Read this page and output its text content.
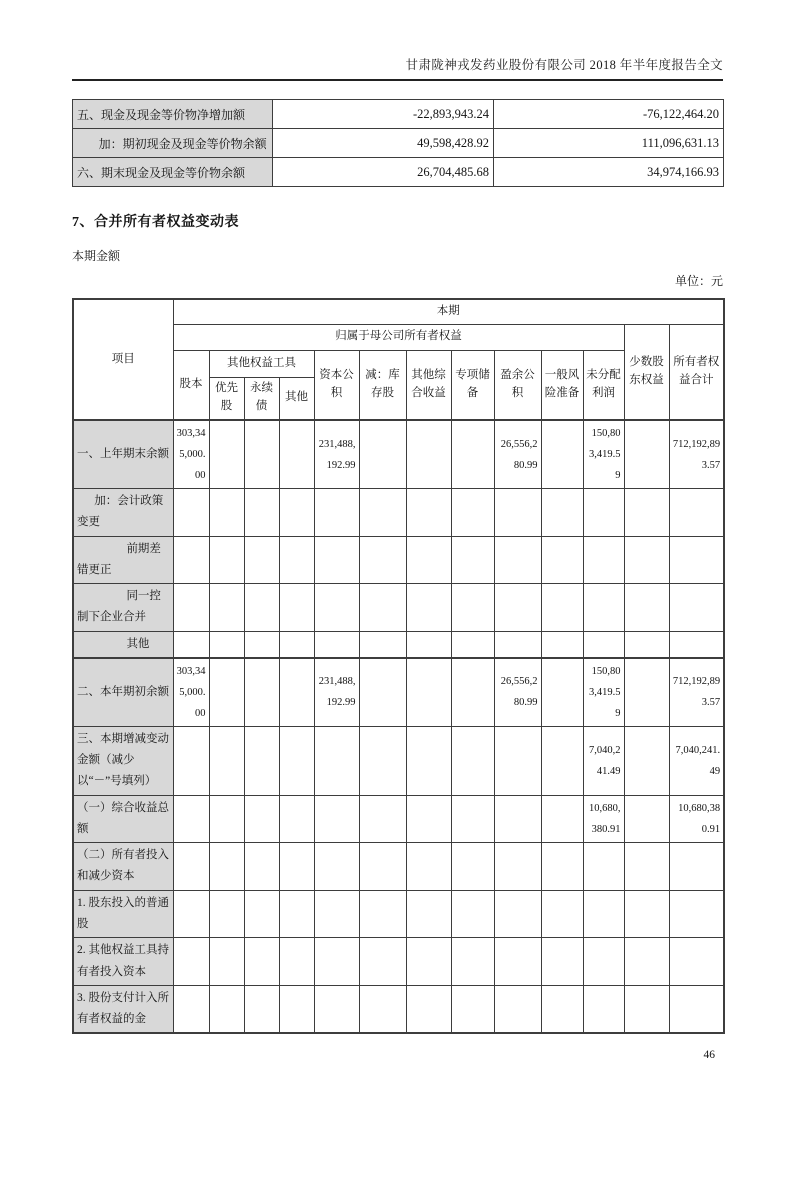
甘肃陇神戎发药业股份有限公司 2018 年半年度报告全文
五、现金及现金等价物净增加额	-22,893,943.24	-76,122,464.20
加：期初现金及现金等价物余额	49,598,428.92	111,096,631.13
六、期末现金及现金等价物余额	26,704,485.68	34,974,166.93
7、合并所有者权益变动表
本期金额
单位：元
项目	本期												
	归属于母公司所有者权益											少数股东权益	所有者权益合计
	股本	其他权益工具			资本公积	减：库存股	其他综合收益	专项储备	盈余公积	一般风险准备	未分配利润		
		优先股	永续债	其他									
一、上年期末余额	303,345,000.00				231,488,192.99				26,556,280.99		150,803,419.59		712,192,893.57
加：会计政策变更													
前期差错更正													
同一控制下企业合并													
其他													
二、本年期初余额	303,345,000.00				231,488,192.99				26,556,280.99		150,803,419.59		712,192,893.57
三、本期增减变动金额（减少以“－”号填列）											7,040,241.49		7,040,241.49
（一）综合收益总额											10,680,380.91		10,680,380.91
（二）所有者投入和减少资本													
1. 股东投入的普通股													
2. 其他权益工具持有者投入资本													
3. 股份支付计入所有者权益的金													
46
